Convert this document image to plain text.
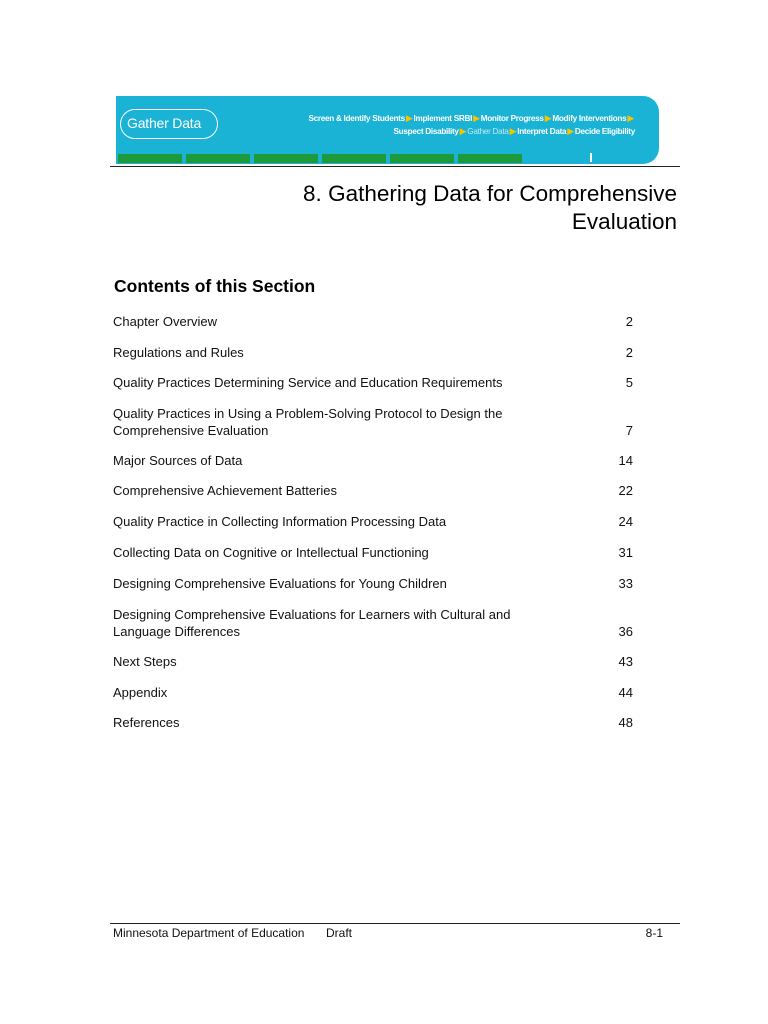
Gather Data	Screen & Identify Students▶Implement SRBI▶Monitor Progress▶Modify Interventions▶
Suspect Disability▶Gather Data▶Interpret Data▶Decide Eligibility
8. Gathering Data for Comprehensive
Evaluation
Contents of this Section
Chapter Overview	2
Regulations and Rules	2
Quality Practices Determining Service and Education Requirements	5
Quality Practices in Using a Problem-Solving Protocol to Design the Comprehensive Evaluation	7
Major Sources of Data	14
Comprehensive Achievement Batteries	22
Quality Practice in Collecting Information Processing Data	24
Collecting Data on Cognitive or Intellectual Functioning	31
Designing Comprehensive Evaluations for Young Children	33
Designing Comprehensive Evaluations for Learners with Cultural and Language Differences	36
Next Steps	43
Appendix	44
References	48
Minnesota Department of Education Draft	8-1
